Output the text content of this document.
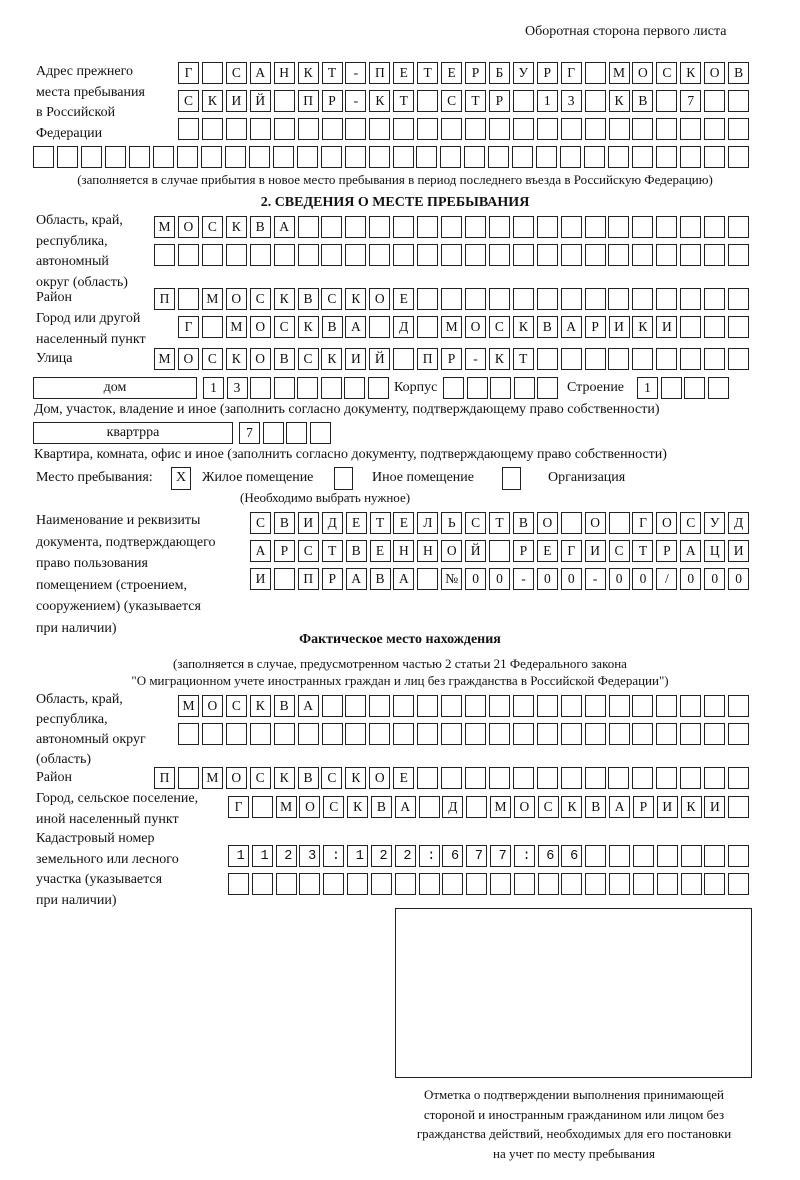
Оборотная сторона первого листа
Адрес прежнего
места пребывания
в Российской
Федерации
Г	С	А	Н	К	Т	-	П	Е	Т	Е	Р	Б	У	Р	Г	М О	С	К	О	В
С	К	И	Й	П	Р	-	К	Т	С	Т	Р	1	3	К	В	7
(заполняется в случае прибытия в новое место пребывания в период последнего въезда в Российскую Федерацию)
2. СВЕДЕНИЯ О МЕСТЕ ПРЕБЫВАНИЯ
Область, край,
республика,
автономный
округ (область)
М О	С	К	В	А
Район	П	М О	С	К	В	С	К	О	Е
Город или другой
населенный пункт
Г	М О	С	К	В	А	Д	М О	С	К	В	А	Р	И	К	И
Улица	М О	С	К	О	В	С	К	И	Й	П	Р	-	К	Т
дом	1	3	Корпус	Строение	1
Дом, участок, владение и иное (заполнить согласно документу, подтверждающему право собственности)
квартрра	7
Квартира, комната, офис и иное (заполнить согласно документу, подтверждающему право собственности)
Место пребывания:	X	Жилое помещение	Иное помещение	Организация
(Необходимо выбрать нужное)
Наименование и реквизиты
документа, подтверждающего
право пользования
помещением (строением,
сооружением) (указывается
при наличии)
С	В	И	Д	Е	Т	Е	Л	Ь	С	Т	В	О	О	Г	О	С	У	Д
А	Р	С	Т	В	Е	Н	Н	О	Й	Р	Е	Г	И	С	Т	Р	А	Ц	И
И	П	Р	А	В	А	№	0	0	-	0	0	-	0	0	/	0	0	0
Фактическое место нахождения
(заполняется в случае, предусмотренном частью 2 статьи 21 Федерального закона
"О миграционном учете иностранных граждан и лиц без гражданства в Российской Федерации")
Область, край,
республика,
автономный округ
(область)
М О	С	К	В	А
Район	П	М О	С	К	В	С	К	О	Е
Город, сельское поселение,
иной населенный пункт
Г	М О	С	К	В	А	Д	М О	С	К	В	А	Р	И	К	И
Кадастровый номер
земельного или лесного
участка (указывается
при наличии)
1123:122:677:66
Отметка о подтверждении выполнения принимающей
стороной и иностранным гражданином или лицом без
гражданства действий, необходимых для его постановки
на учет по месту пребывания
